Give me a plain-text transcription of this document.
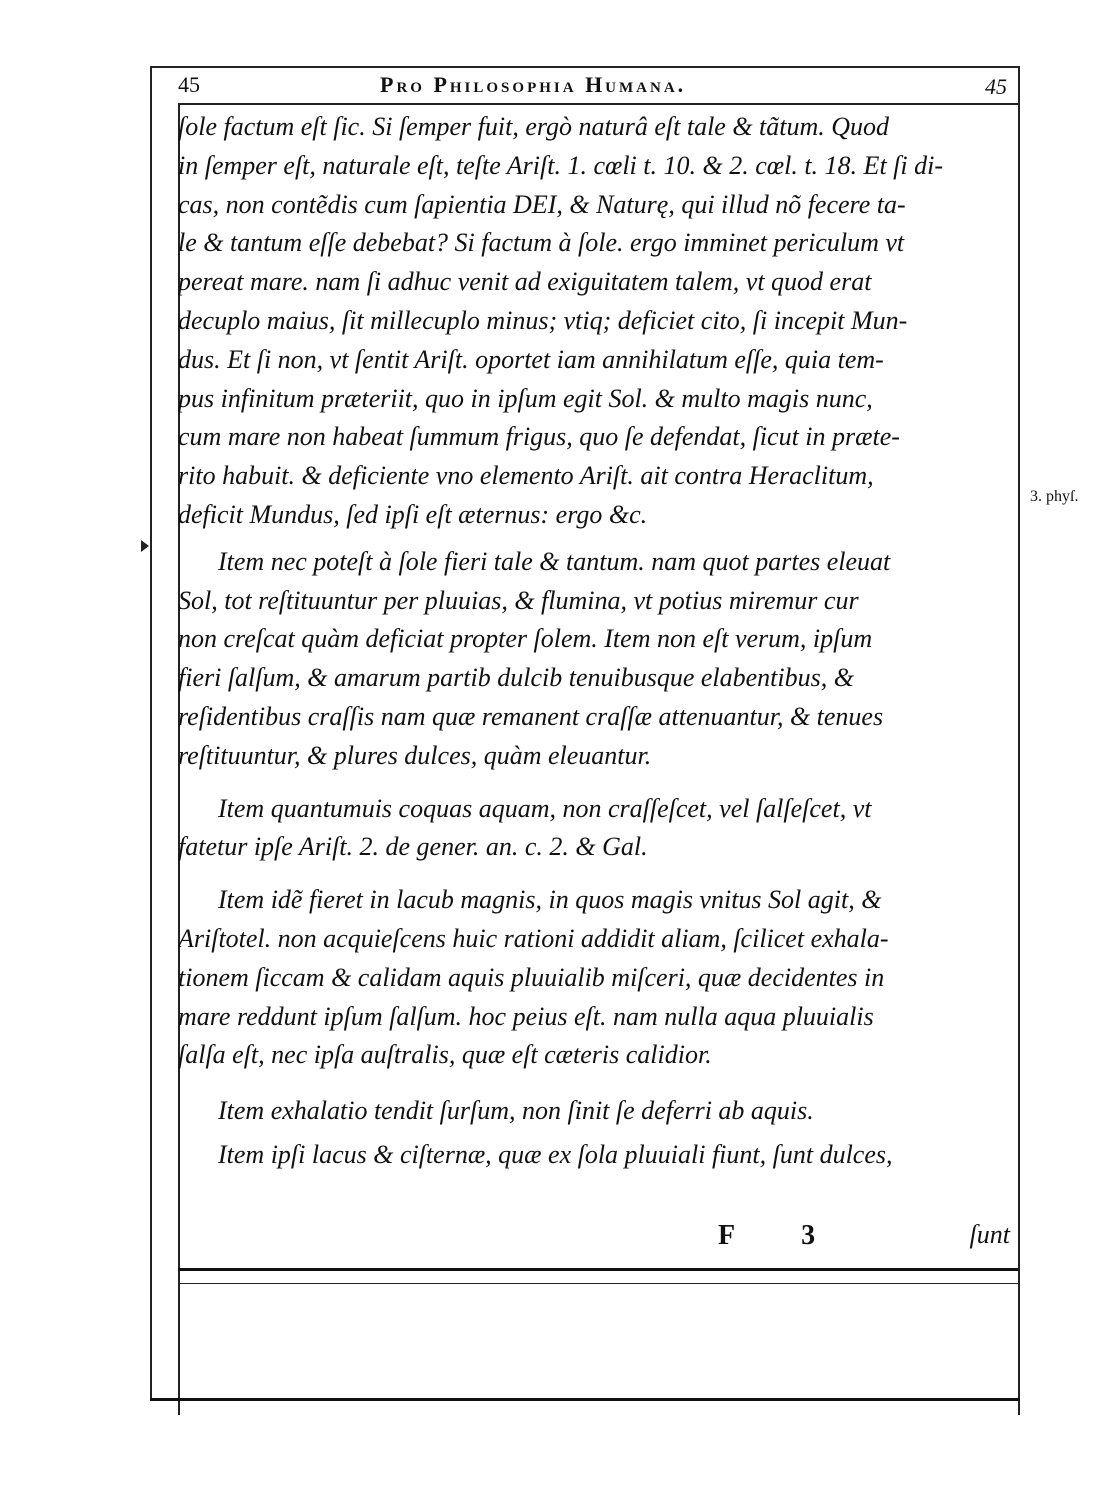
45	Pro Philosophia Humana.	45
ſole factum eſt ſic. Si ſemper fuit, ergò naturâ eſt tale & tãtum. Quod
in ſemper eſt, naturale eſt, teſte Ariſt. 1. cœli t. 10. & 2. cœl. t. 18. Et ſi di-
cas, non contẽdis cum ſapientia DEI, & Naturę, qui illud nõ fecere ta-
le & tantum eſſe debebat? Si factum à ſole. ergo imminet periculum vt
pereat mare. nam ſi adhuc venit ad exiguitatem talem, vt quod erat
decuplo maius, ſit millecuplo minus; vtiq; deficiet cito, ſi incepit Mun-
dus. Et ſi non, vt ſentit Ariſt. oportet iam annihilatum eſſe, quia tem-
pus infinitum præteriit, quo in ipſum egit Sol. & multo magis nunc,
cum mare non habeat ſummum frigus, quo ſe defendat, ſicut in præte-
rito habuit. & deficiente vno elemento Ariſt. ait contra Heraclitum,
deficit Mundus, ſed ipſi eſt æternus: ergo &c.
Item nec poteſt à ſole fieri tale & tantum. nam quot partes eleuat
Sol, tot reſtituuntur per pluuias, & flumina, vt potius miremur cur
non creſcat quàm deficiat propter ſolem. Item non eſt verum, ipſum
fieri ſalſum, & amarum partib dulcib tenuibusque elabentibus, &
reſidentibus craſſis nam quæ remanent craſſæ attenuantur, & tenues
reſtituuntur, & plures dulces, quàm eleuantur.
Item quantumuis coquas aquam, non craſſeſcet, vel ſalſeſcet, vt
fatetur ipſe Ariſt. 2. de gener. an. c. 2. & Gal.
Item idẽ fieret in lacub magnis, in quos magis vnitus Sol agit, &
Ariſtotel. non acquieſcens huic rationi addidit aliam, ſcilicet exhala-
tionem ſiccam & calidam aquis pluuialib miſceri, quæ decidentes in
mare reddunt ipſum ſalſum. hoc peius eſt. nam nulla aqua pluuialis
ſalſa eſt, nec ipſa auſtralis, quæ eſt cæteris calidior.
Item exhalatio tendit ſurſum, non ſinit ſe deferri ab aquis.
Item ipſi lacus & ciſternæ, quæ ex ſola pluuiali fiunt, ſunt dulces,
F 3	ſunt
3. phyſ.
